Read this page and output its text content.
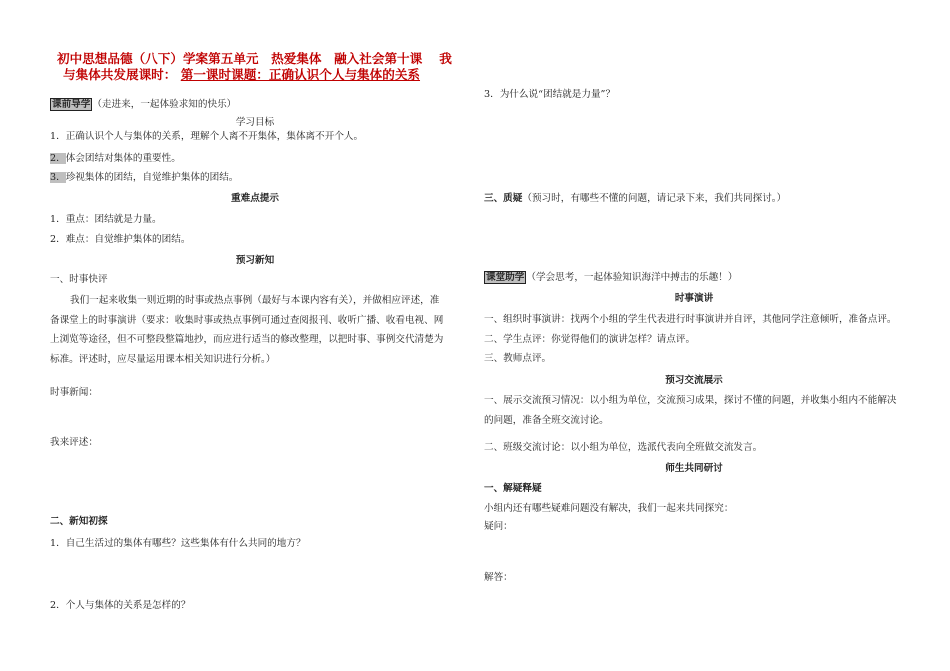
初中思想品德（八下）学案第五单元　热爱集体　融入社会第十课　 我
与集体共发展课时： 第一课时课题：正确认识个人与集体的关系
课前导学 （走进来，一起体验求知的快乐）
学习目标
1．正确认识个人与集体的关系，理解个人离不开集体，集体离不开个人。
2．体会团结对集体的重要性。
3．珍视集体的团结，自觉维护集体的团结。
重难点提示
1．重点：团结就是力量。
2．难点：自觉维护集体的团结。
预习新知
一、时事快评
我们一起来收集一则近期的时事或热点事例（最好与本课内容有关），并做相应评述，准备课堂上的时事演讲（要求：收集时事或热点事例可通过查阅报刊、收听广播、收看电视、网上浏览等途径，但不可整段整篇地抄，而应进行适当的修改整理，以把时事、事例交代清楚为标准。评述时，应尽量运用课本相关知识进行分析。）
时事新闻：
我来评述：
二、新知初探
1．自己生活过的集体有哪些？这些集体有什么共同的地方？
2．个人与集体的关系是怎样的？
3．为什么说“团结就是力量”？
三、质疑（预习时，有哪些不懂的问题，请记录下来，我们共同探讨。）
课堂助学 （学会思考，一起体验知识海洋中搏击的乐趣！）
时事演讲
一、组织时事演讲：找两个小组的学生代表进行时事演讲并自评，其他同学注意倾听，准备点评。
二、学生点评：你觉得他们的演讲怎样？请点评。
三、教师点评。
预习交流展示
一、展示交流预习情况：以小组为单位，交流预习成果，探讨不懂的问题，并收集小组内不能解决的问题，准备全班交流讨论。
二、班级交流讨论：以小组为单位，选派代表向全班做交流发言。
师生共同研讨
一、解疑释疑
小组内还有哪些疑难问题没有解决，我们一起来共同探究：
疑问：
解答：
